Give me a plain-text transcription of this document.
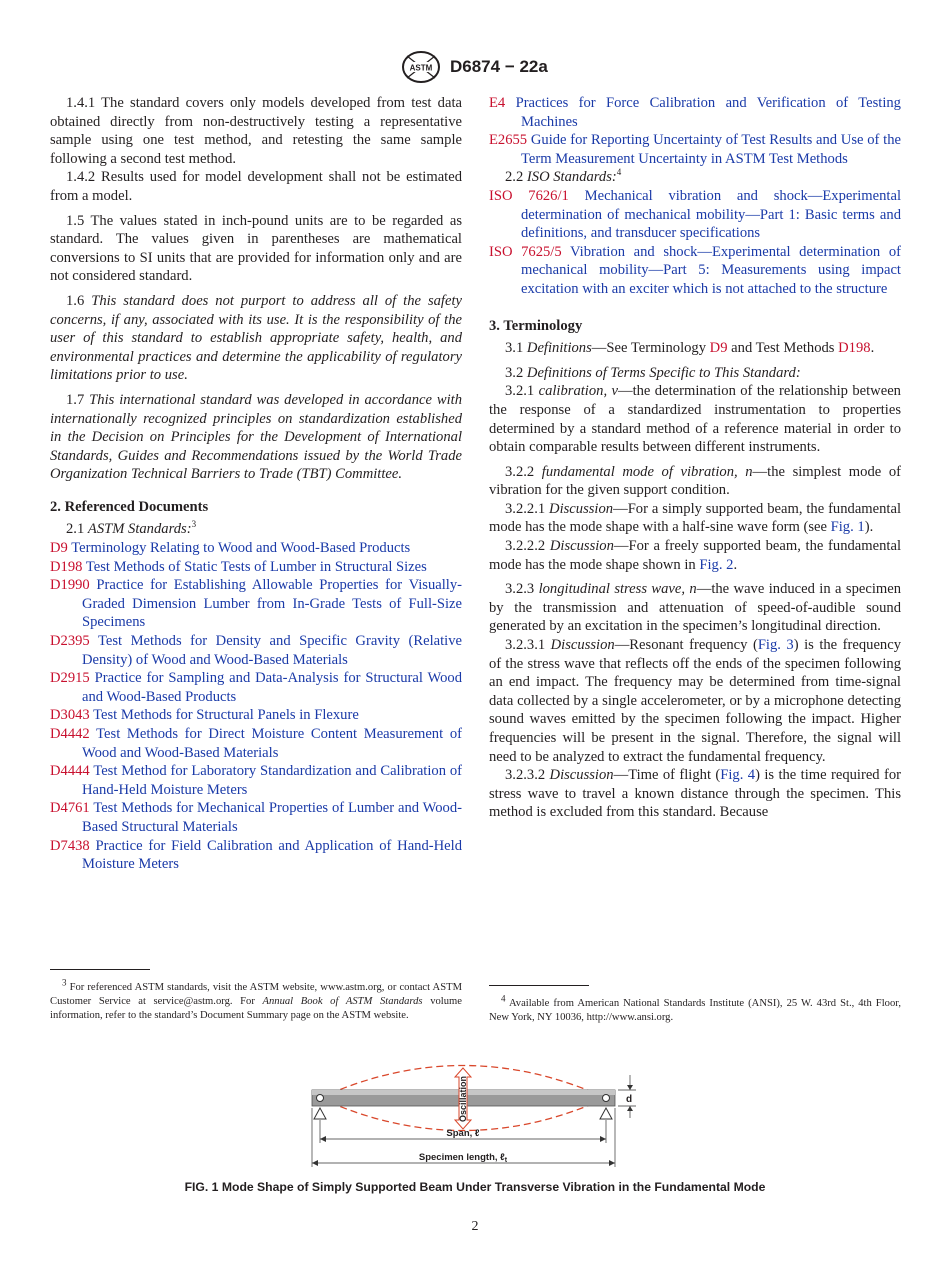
ASTM D6874 − 22a

1.4.1 The standard covers only models developed from test data obtained directly from non-destructively testing a representative sample using one test method, and retesting the same sample following a second test method.

1.4.2 Results used for model development shall not be estimated from a model.

1.5 The values stated in inch-pound units are to be regarded as standard. The values given in parentheses are mathematical conversions to SI units that are provided for information only and are not considered standard.

1.6 This standard does not purport to address all of the safety concerns, if any, associated with its use. It is the responsibility of the user of this standard to establish appropriate safety, health, and environmental practices and determine the applicability of regulatory limitations prior to use.

1.7 This international standard was developed in accordance with internationally recognized principles on standardization established in the Decision on Principles for the Development of International Standards, Guides and Recommendations issued by the World Trade Organization Technical Barriers to Trade (TBT) Committee.

2. Referenced Documents

2.1 ASTM Standards:$^3$

D9 Terminology Relating to Wood and Wood-Based Products
D198 Test Methods of Static Tests of Lumber in Structural Sizes
D1990 Practice for Establishing Allowable Properties for Visually-Graded Dimension Lumber from In-Grade Tests of Full-Size Specimens
D2395 Test Methods for Density and Specific Gravity (Relative Density) of Wood and Wood-Based Materials
D2915 Practice for Sampling and Data-Analysis for Structural Wood and Wood-Based Products
D3043 Test Methods for Structural Panels in Flexure
D4442 Test Methods for Direct Moisture Content Measurement of Wood and Wood-Based Materials
D4444 Test Method for Laboratory Standardization and Calibration of Hand-Held Moisture Meters
D4761 Test Methods for Mechanical Properties of Lumber and Wood-Based Structural Materials
D7438 Practice for Field Calibration and Application of Hand-Held Moisture Meters
E4 Practices for Force Calibration and Verification of Testing Machines
E2655 Guide for Reporting Uncertainty of Test Results and Use of the Term Measurement Uncertainty in ASTM Test Methods

2.2 ISO Standards:$^4$

ISO 7626/1 Mechanical vibration and shock—Experimental determination of mechanical mobility—Part 1: Basic terms and definitions, and transducer specifications
ISO 7625/5 Vibration and shock—Experimental determination of mechanical mobility—Part 5: Measurements using impact excitation with an exciter which is not attached to the structure
3. Terminology

3.1 Definitions—See Terminology D9 and Test Methods D198.

3.2 Definitions of Terms Specific to This Standard:

3.2.1 calibration, v—the determination of the relationship between the response of a standardized instrumentation to properties determined by a standard method of a reference material in order to obtain comparable results between different instruments.

3.2.2 fundamental mode of vibration, n—the simplest mode of vibration for the given support condition.

3.2.2.1 Discussion—For a simply supported beam, the fundamental mode has the mode shape with a half-sine wave form (see Fig. 1).

3.2.2.2 Discussion—For a freely supported beam, the fundamental mode has the mode shape shown in Fig. 2.

3.2.3 longitudinal stress wave, n—the wave induced in a specimen by the transmission and attenuation of speed-of-audible sound generated by an excitation in the specimen’s longitudinal direction.

3.2.3.1 Discussion—Resonant frequency (Fig. 3) is the frequency of the stress wave that reflects off the ends of the specimen following an end impact. The frequency may be determined from time-signal data collected by a single accelerometer, or by a microphone detecting sound waves emitted by the specimen following the impact. Higher frequencies will be present in the signal. Therefore, the signal will need to be analyzed to extract the fundamental frequency.

3.2.3.2 Discussion—Time of flight (Fig. 4) is the time required for stress wave to travel a known distance through the specimen. This method is excluded from this standard. Because

$^3$ For referenced ASTM standards, visit the ASTM website, www.astm.org, or contact ASTM Customer Service at service@astm.org. For Annual Book of ASTM Standards volume information, refer to the standard’s Document Summary page on the ASTM website.
$^4$ Available from American National Standards Institute (ANSI), 25 W. 43rd St., 4th Floor, New York, NY 10036, http://www.ansi.org.
Oscillation	d
Span, ℓ
Specimen length, ℓ$_t$
FIG. 1 Mode Shape of Simply Supported Beam Under Transverse Vibration in the Fundamental Mode
2
